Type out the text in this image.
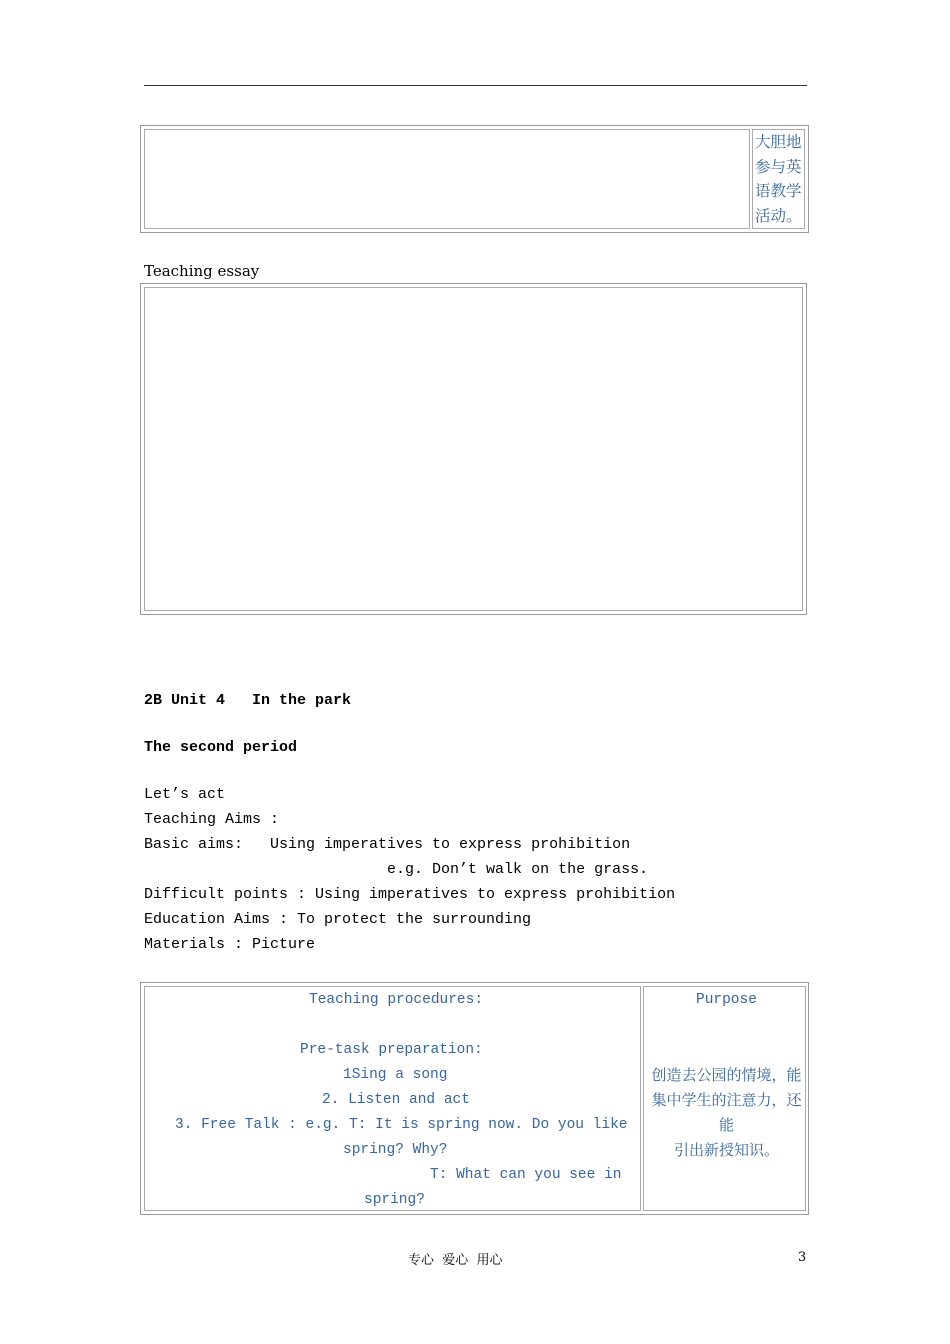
大胆地
参与英
语教学
活动。
Teaching essay
2B Unit 4   In the park
The second period
Let’s act
Teaching Aims :
Basic aims:   Using imperatives to express prohibition
e.g. Don’t walk on the grass.
Difficult points : Using imperatives to express prohibition
Education Aims : To protect the surrounding
Materials : Picture
Teaching procedures:
Pre-task preparation:
1Sing a song
2. Listen and act
3. Free Talk : e.g. T: It is spring now. Do you like
spring? Why?
T: What can you see in
spring?
Purpose
创造去公园的情境，能
集中学生的注意力，还
能
引出新授知识。
专心  爱心  用心	3
